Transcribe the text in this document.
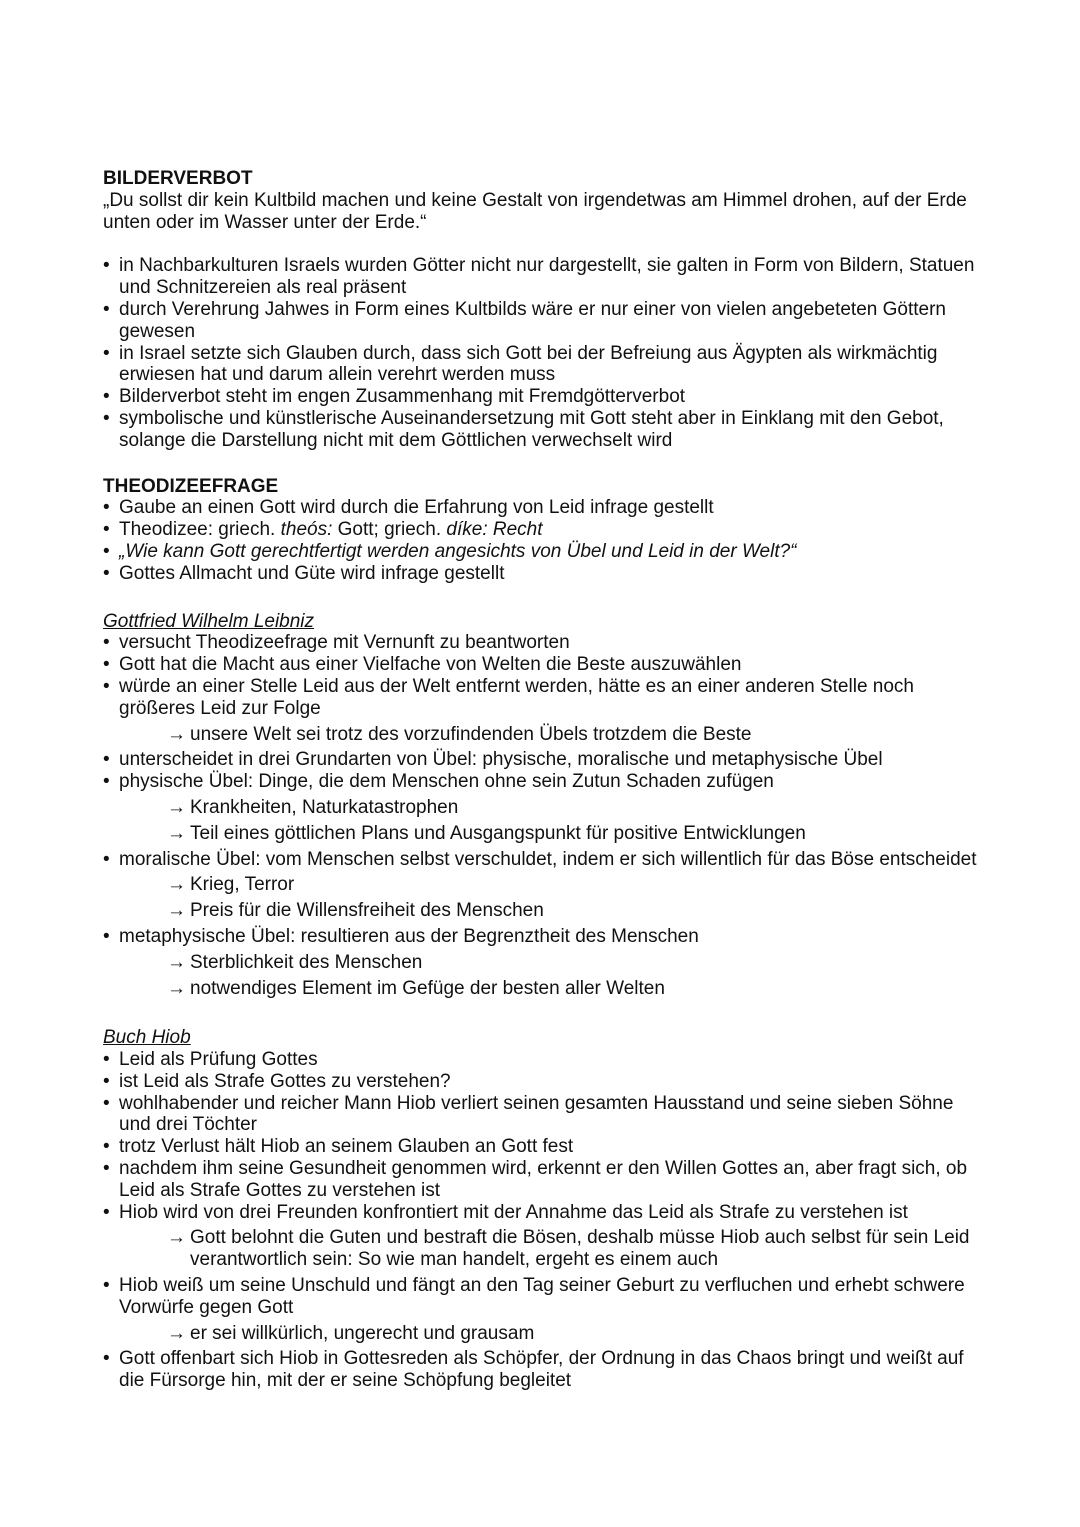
BILDERVERBOT

„Du sollst dir kein Kultbild machen und keine Gestalt von irgendetwas am Himmel drohen, auf der Erde unten oder im Wasser unter der Erde.“

• in Nachbarkulturen Israels wurden Götter nicht nur dargestellt, sie galten in Form von Bildern, Statuen und Schnitzereien als real präsent
• durch Verehrung Jahwes in Form eines Kultbilds wäre er nur einer von vielen angebeteten Göttern gewesen
• in Israel setzte sich Glauben durch, dass sich Gott bei der Befreiung aus Ägypten als wirkmächtig erwiesen hat und darum allein verehrt werden muss
• Bilderverbot steht im engen Zusammenhang mit Fremdgötterverbot
• symbolische und künstlerische Auseinandersetzung mit Gott steht aber in Einklang mit den Gebot, solange die Darstellung nicht mit dem Göttlichen verwechselt wird
THEODIZEEFRAGE
• Gaube an einen Gott wird durch die Erfahrung von Leid infrage gestellt
• Theodizee: griech. theós: Gott; griech. díke: Recht
• „Wie kann Gott gerechtfertigt werden angesichts von Übel und Leid in der Welt?“
• Gottes Allmacht und Güte wird infrage gestellt
Gottfried Wilhelm Leibniz
• versucht Theodizeefrage mit Vernunft zu beantworten
• Gott hat die Macht aus einer Vielfache von Welten die Beste auszuwählen
• würde an einer Stelle Leid aus der Welt entfernt werden, hätte es an einer anderen Stelle noch größeres Leid zur Folge
→ unsere Welt sei trotz des vorzufindenden Übels trotzdem die Beste
• unterscheidet in drei Grundarten von Übel: physische, moralische und metaphysische Übel
• physische Übel: Dinge, die dem Menschen ohne sein Zutun Schaden zufügen
→ Krankheiten, Naturkatastrophen
→ Teil eines göttlichen Plans und Ausgangspunkt für positive Entwicklungen
• moralische Übel: vom Menschen selbst verschuldet, indem er sich willentlich für das Böse entscheidet
→ Krieg, Terror
→ Preis für die Willensfreiheit des Menschen
• metaphysische Übel: resultieren aus der Begrenztheit des Menschen
→ Sterblichkeit des Menschen
→ notwendiges Element im Gefüge der besten aller Welten
Buch Hiob
• Leid als Prüfung Gottes
• ist Leid als Strafe Gottes zu verstehen?
• wohlhabender und reicher Mann Hiob verliert seinen gesamten Hausstand und seine sieben Söhne und drei Töchter
• trotz Verlust hält Hiob an seinem Glauben an Gott fest
• nachdem ihm seine Gesundheit genommen wird, erkennt er den Willen Gottes an, aber fragt sich, ob Leid als Strafe Gottes zu verstehen ist
• Hiob wird von drei Freunden konfrontiert mit der Annahme das Leid als Strafe zu verstehen ist
→ Gott belohnt die Guten und bestraft die Bösen, deshalb müsse Hiob auch selbst für sein Leid verantwortlich sein: So wie man handelt, ergeht es einem auch
• Hiob weiß um seine Unschuld und fängt an den Tag seiner Geburt zu verfluchen und erhebt schwere Vorwürfe gegen Gott
→ er sei willkürlich, ungerecht und grausam
• Gott offenbart sich Hiob in Gottesreden als Schöpfer, der Ordnung in das Chaos bringt und weißt auf die Fürsorge hin, mit der er seine Schöpfung begleitet
